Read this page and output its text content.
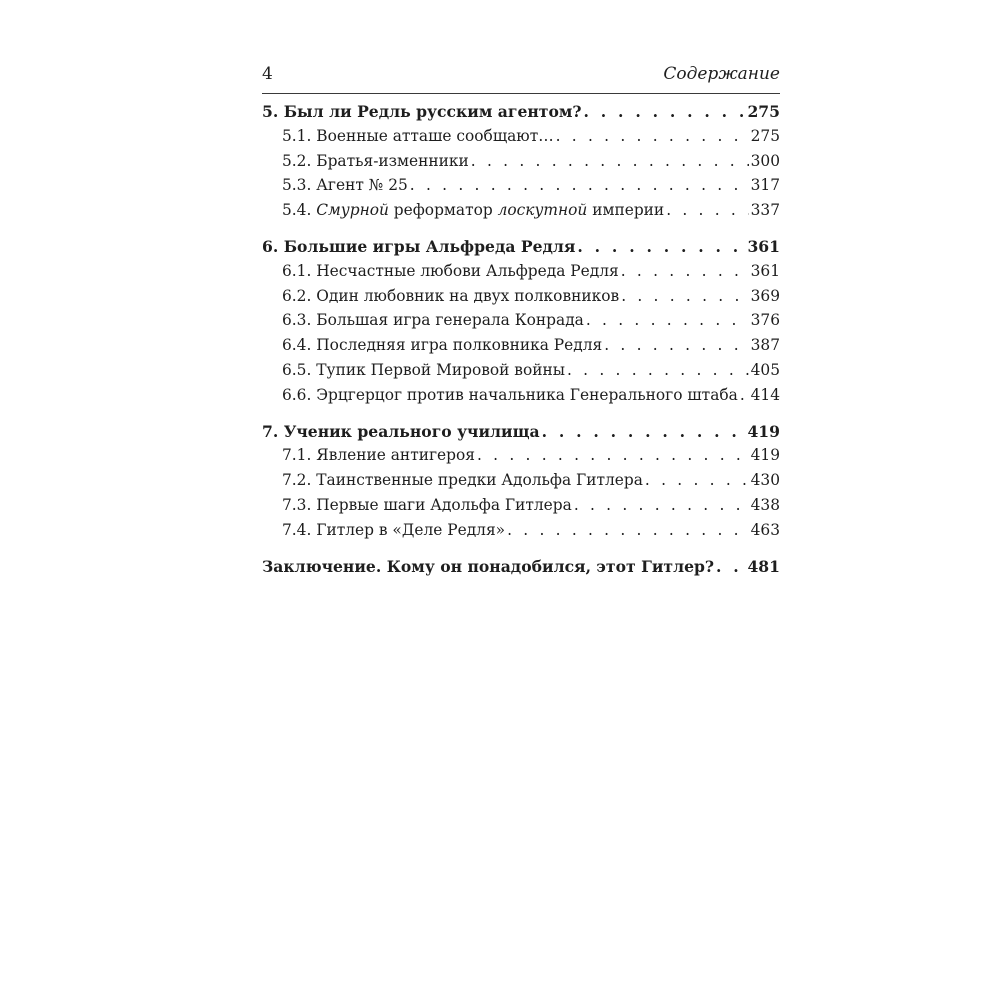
4	Содержание
5. Был ли Редль русским агентом? . . .	275
5.1. Военные атташе сообщают… . . .	275
5.2. Братья-изменники . . .	300
5.3. Агент № 25 . . .	317
5.4. Смурной реформатор лоскутной империи . . .	337
6. Большие игры Альфреда Редля . . .	361
6.1. Несчастные любови Альфреда Редля . . .	361
6.2. Один любовник на двух полковников . . .	369
6.3. Большая игра генерала Конрада . . .	376
6.4. Последняя игра полковника Редля . . .	387
6.5. Тупик Первой Мировой войны . . .	405
6.6. Эрцгерцог против начальника Генерального штаба . . . 414
7. Ученик реального училища . . .	419
7.1. Явление антигероя . . .	419
7.2. Таинственные предки Адольфа Гитлера . . .	430
7.3. Первые шаги Адольфа Гитлера . . .	438
7.4. Гитлер в «Деле Редля» . . .	463
Заключение. Кому он понадобился, этот Гитлер? . . . 481
